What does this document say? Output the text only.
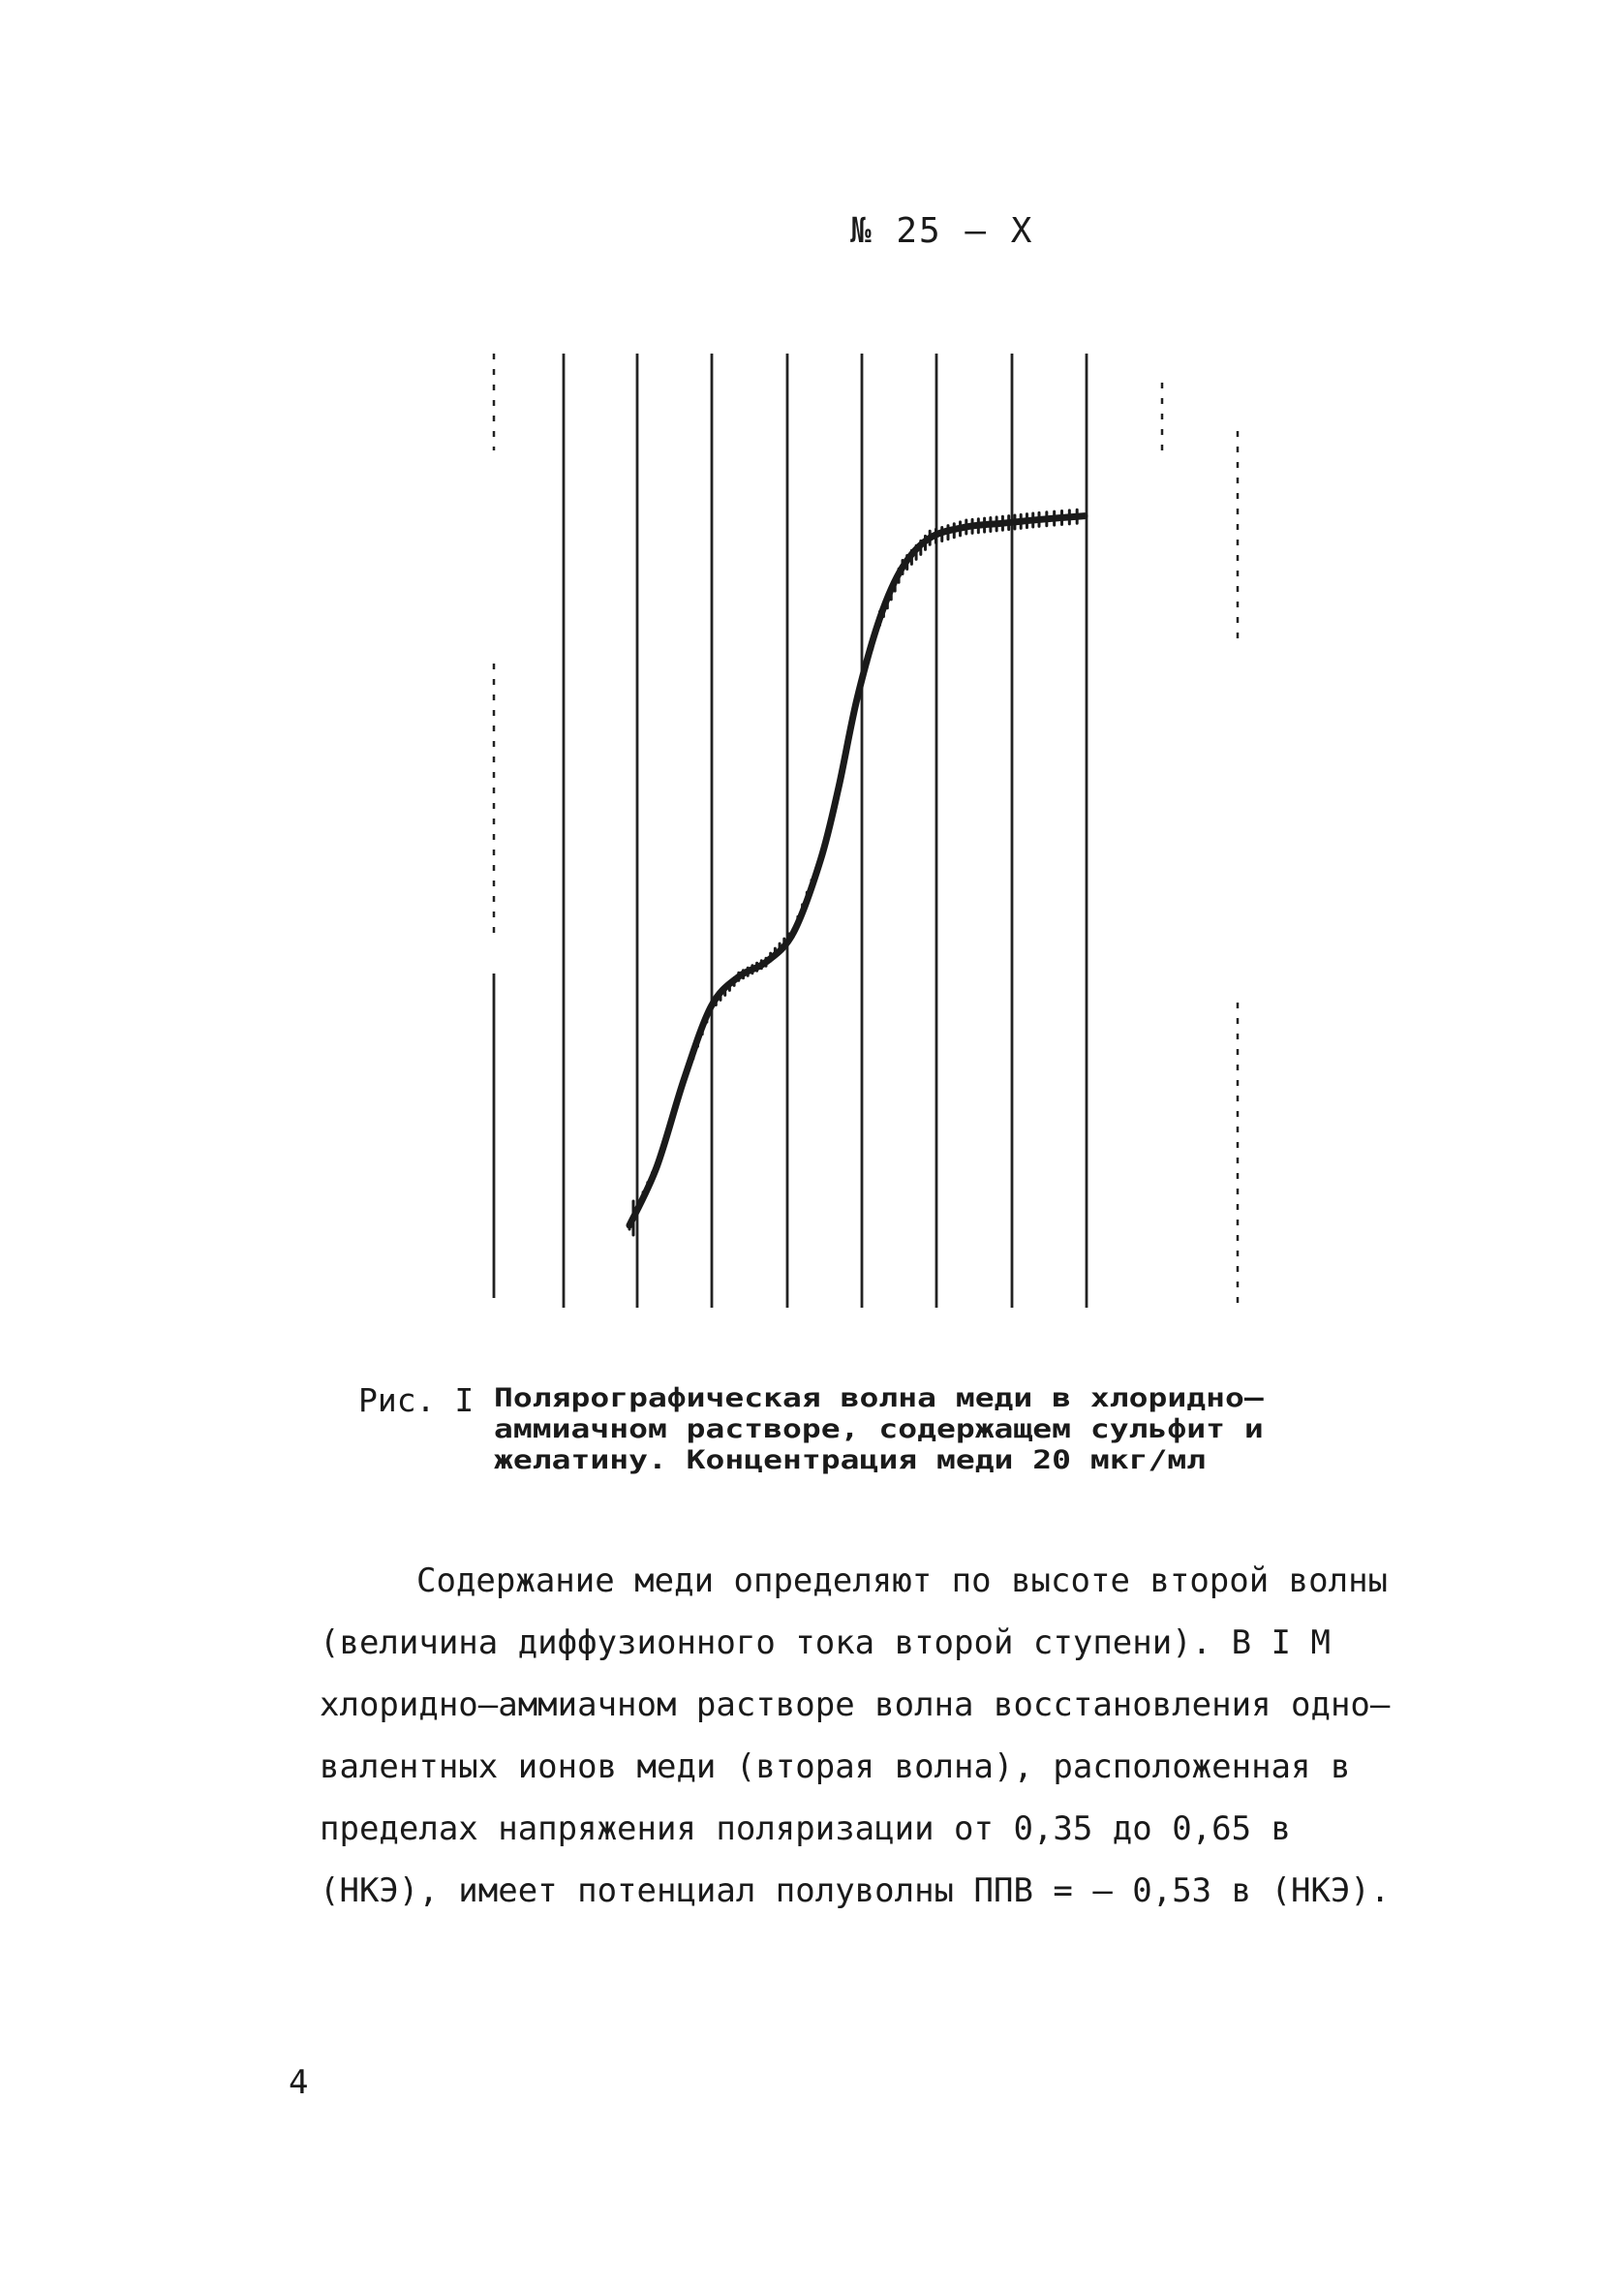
№ 25 – X
Рис. I Полярографическая волна меди в хлоридно–
аммиачном растворе, содержащем сульфит и
желатину. Концентрация меди 20 мкг/мл
Содержание меди определяют по высоте второй волны
(величина диффузионного тока второй ступени). В I М
хлоридно–аммиачном растворе волна восстановления одно–
валентных ионов меди (вторая волна), расположенная в
пределах напряжения поляризации от 0,35 до 0,65 в
(НКЭ), имеет потенциал полуволны ППВ = – 0,53 в (НКЭ).
4
